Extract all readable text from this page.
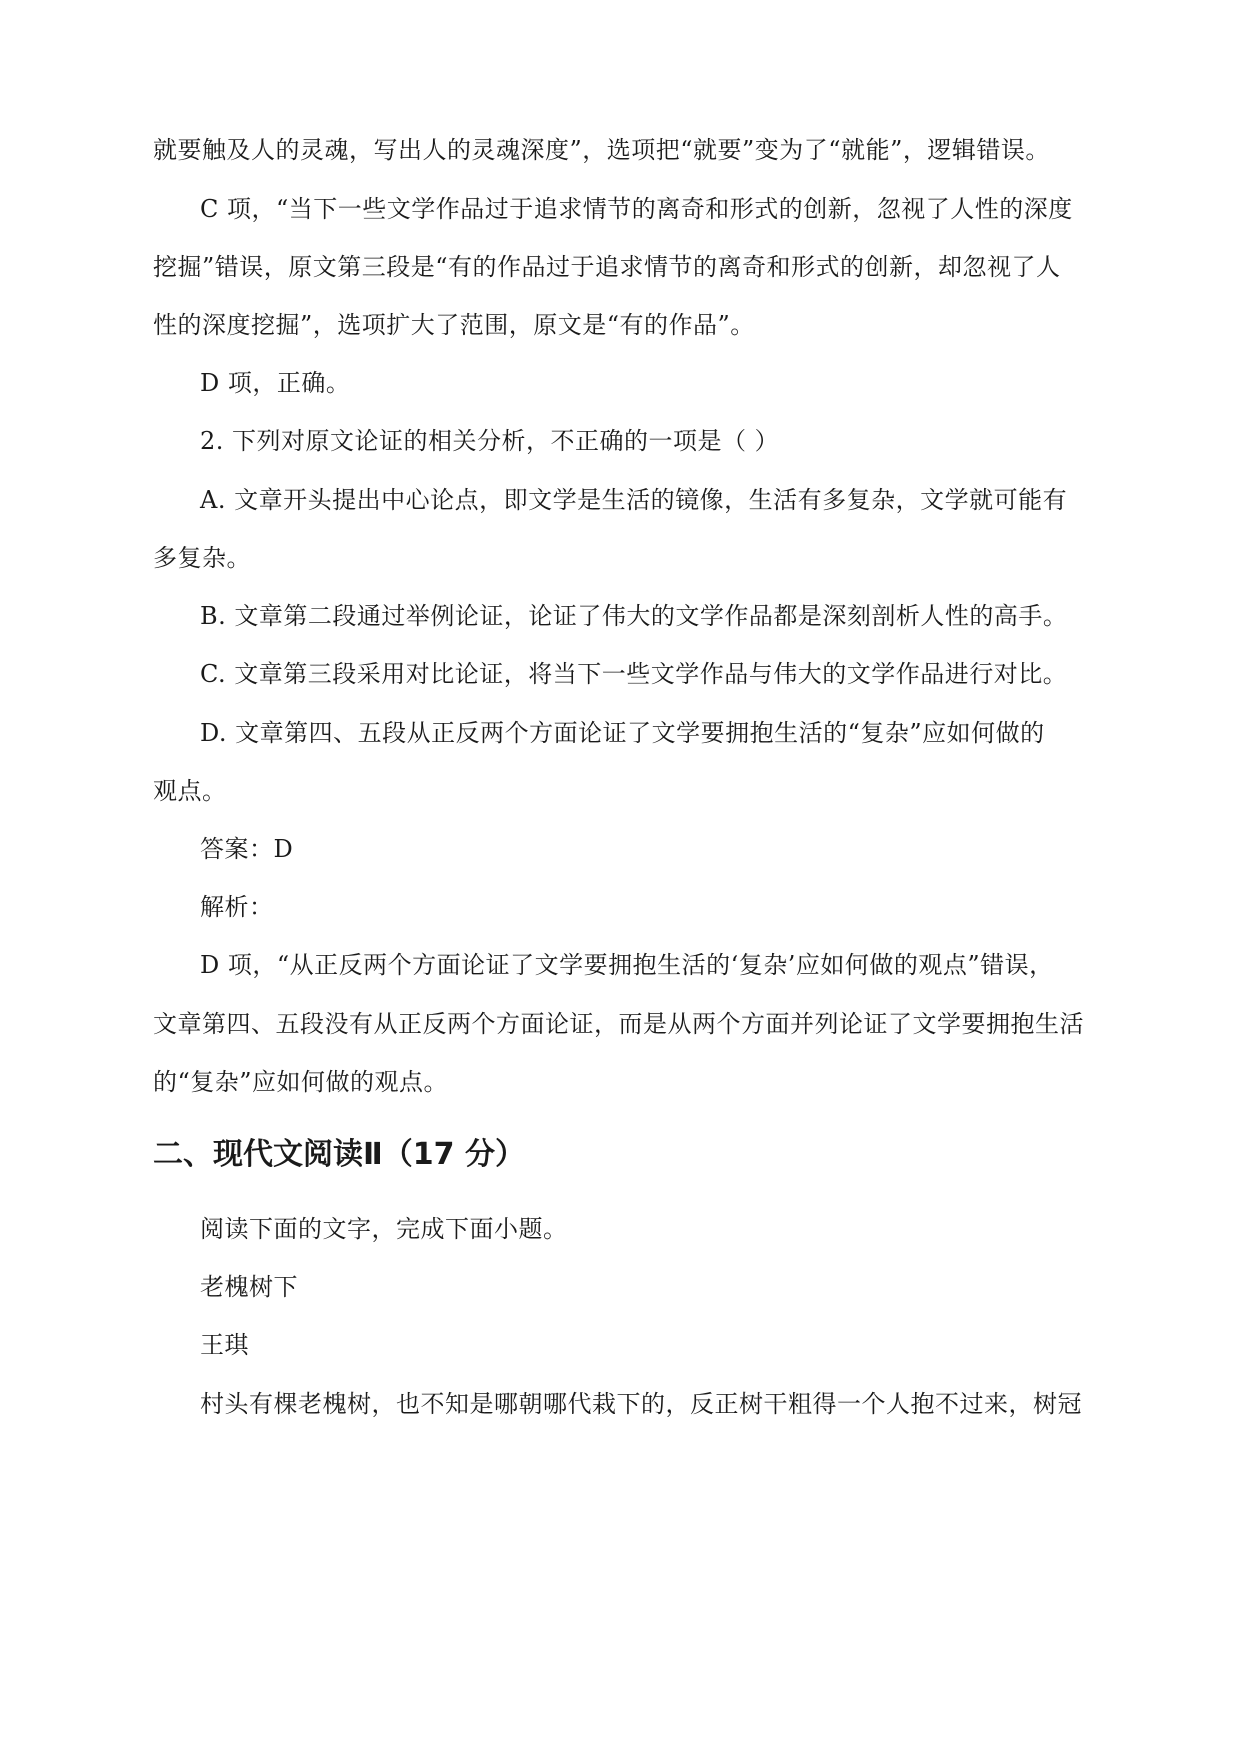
就要触及人的灵魂，写出人的灵魂深度”，选项把“就要”变为了“就能”，逻辑错误。
C 项，“当下一些文学作品过于追求情节的离奇和形式的创新，忽视了人性的深度
挖掘”错误，原文第三段是“有的作品过于追求情节的离奇和形式的创新，却忽视了人
性的深度挖掘”，选项扩大了范围，原文是“有的作品”。
D 项，正确。
2. 下列对原文论证的相关分析，不正确的一项是（ ）
A. 文章开头提出中心论点，即文学是生活的镜像，生活有多复杂，文学就可能有
多复杂。
B. 文章第二段通过举例论证，论证了伟大的文学作品都是深刻剖析人性的高手。
C. 文章第三段采用对比论证，将当下一些文学作品与伟大的文学作品进行对比。
D. 文章第四、五段从正反两个方面论证了文学要拥抱生活的“复杂”应如何做的
观点。
答案：D
解析：
D 项，“从正反两个方面论证了文学要拥抱生活的‘复杂’应如何做的观点”错误，
文章第四、五段没有从正反两个方面论证，而是从两个方面并列论证了文学要拥抱生活
的“复杂”应如何做的观点。
二、现代文阅读Ⅱ（17 分）
阅读下面的文字，完成下面小题。
老槐树下
王琪
村头有棵老槐树，也不知是哪朝哪代栽下的，反正树干粗得一个人抱不过来，树冠
